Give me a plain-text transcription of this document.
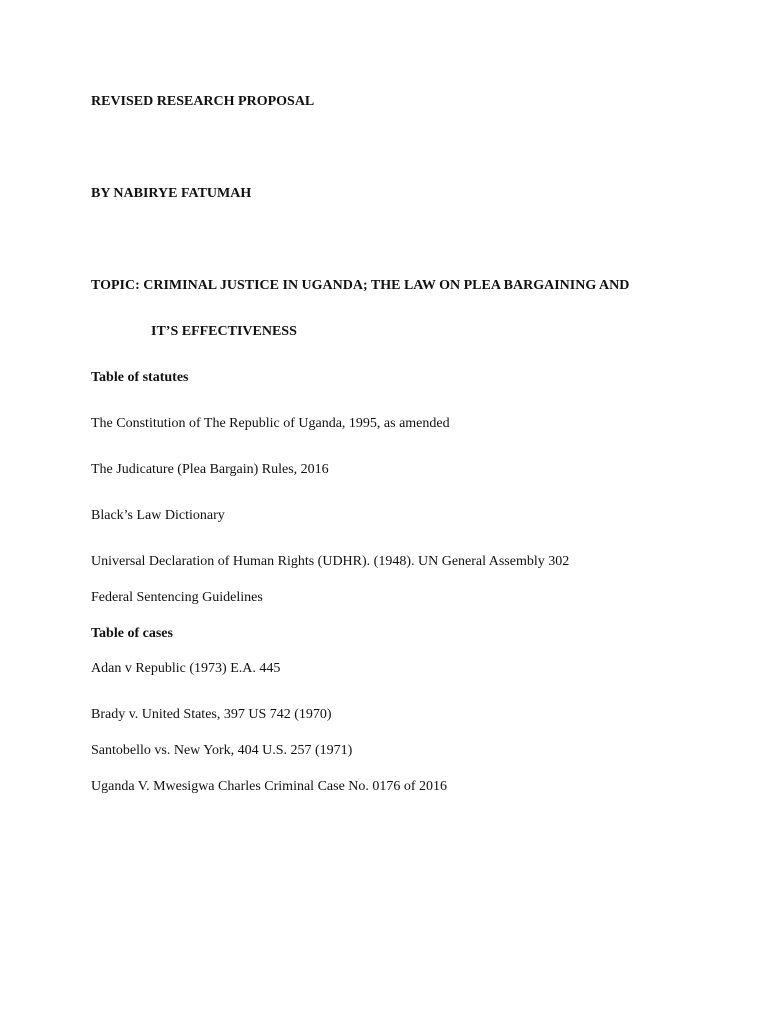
REVISED RESEARCH PROPOSAL
BY NABIRYE FATUMAH
TOPIC: CRIMINAL JUSTICE IN UGANDA; THE LAW ON PLEA BARGAINING AND
IT’S EFFECTIVENESS
Table of statutes
The Constitution of The Republic of Uganda, 1995, as amended
The Judicature (Plea Bargain) Rules, 2016
Black’s Law Dictionary
Universal Declaration of Human Rights (UDHR). (1948). UN General Assembly 302
Federal Sentencing Guidelines
Table of cases
Adan v Republic (1973) E.A. 445
Brady v. United States, 397 US 742 (1970)
Santobello vs. New York, 404 U.S. 257 (1971)
Uganda V. Mwesigwa Charles Criminal Case No. 0176 of 2016
